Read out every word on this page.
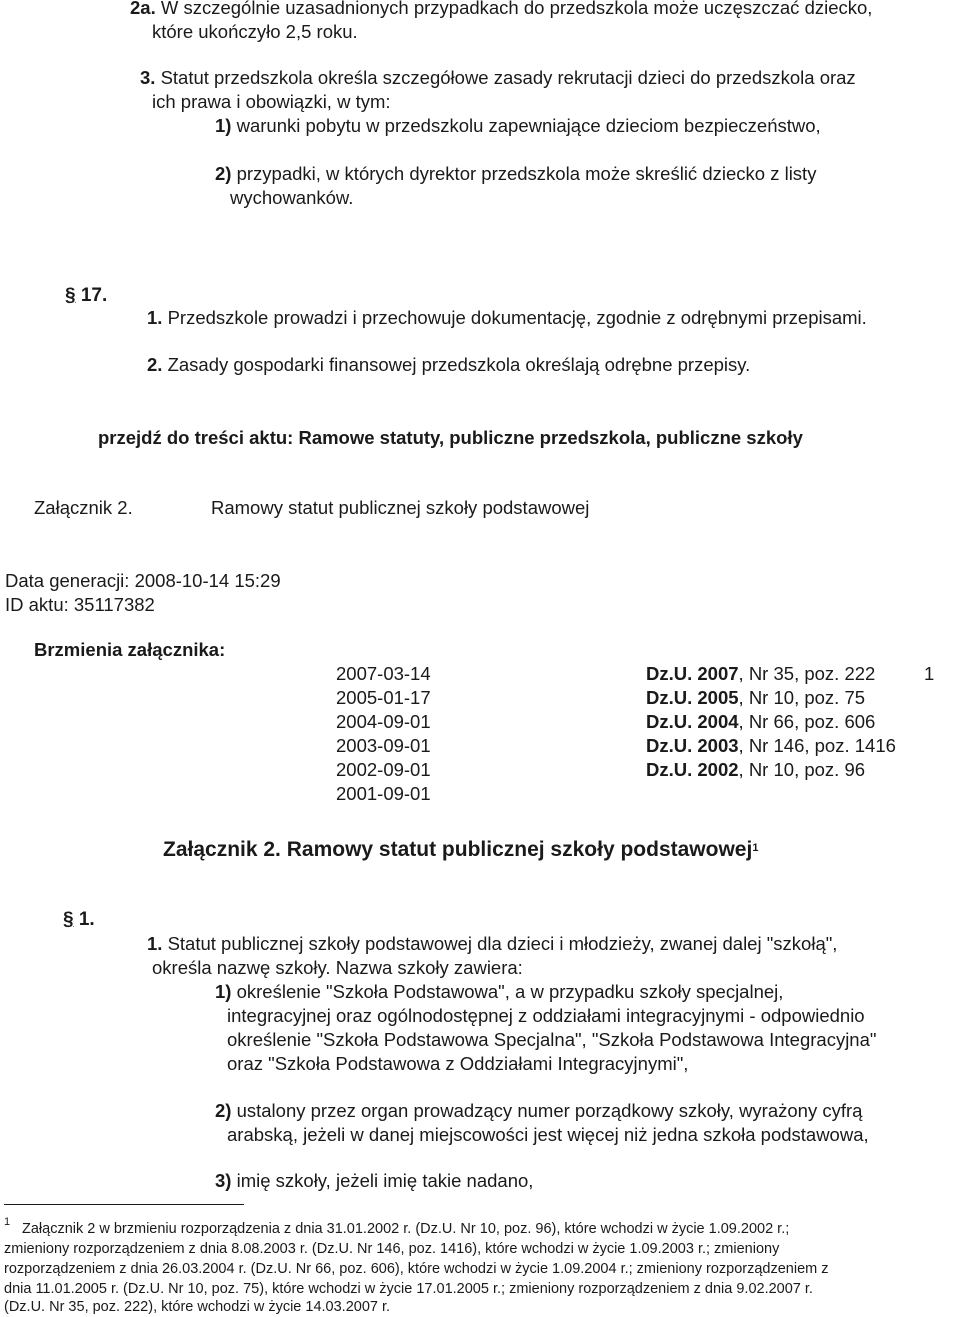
2a. W szczególnie uzasadnionych przypadkach do przedszkola może uczęszczać dziecko,
które ukończyło 2,5 roku.
3. Statut przedszkola określa szczegółowe zasady rekrutacji dzieci do przedszkola oraz
ich prawa i obowiązki, w tym:
1) warunki pobytu w przedszkolu zapewniające dzieciom bezpieczeństwo,
2) przypadki, w których dyrektor przedszkola może skreślić dziecko z listy
wychowanków.
§ 17.
1. Przedszkole prowadzi i przechowuje dokumentację, zgodnie z odrębnymi przepisami.
2. Zasady gospodarki finansowej przedszkola określają odrębne przepisy.
przejdź do treści aktu: Ramowe statuty, publiczne przedszkola, publiczne szkoły
Załącznik 2.	Ramowy statut publicznej szkoły podstawowej
Data generacji: 2008-10-14 15:29
ID aktu: 35117382
Brzmienia załącznika:
2007-03-14	Dz.U. 2007, Nr 35, poz. 222	1
2005-01-17	Dz.U. 2005, Nr 10, poz. 75
2004-09-01	Dz.U. 2004, Nr 66, poz. 606
2003-09-01	Dz.U. 2003, Nr 146, poz. 1416
2002-09-01	Dz.U. 2002, Nr 10, poz. 96
2001-09-01
Załącznik 2. Ramowy statut publicznej szkoły podstawowej$^1$
§ 1.
1. Statut publicznej szkoły podstawowej dla dzieci i młodzieży, zwanej dalej "szkołą",
określa nazwę szkoły. Nazwa szkoły zawiera:
1) określenie "Szkoła Podstawowa", a w przypadku szkoły specjalnej,
integracyjnej oraz ogólnodostępnej z oddziałami integracyjnymi - odpowiednio
określenie "Szkoła Podstawowa Specjalna", "Szkoła Podstawowa Integracyjna"
oraz "Szkoła Podstawowa z Oddziałami Integracyjnymi",
2) ustalony przez organ prowadzący numer porządkowy szkoły, wyrażony cyfrą
arabską, jeżeli w danej miejscowości jest więcej niż jedna szkoła podstawowa,
3) imię szkoły, jeżeli imię takie nadano,
$^1$ Załącznik 2 w brzmieniu rozporządzenia z dnia 31.01.2002 r. (Dz.U. Nr 10, poz. 96), które wchodzi w życie 1.09.2002 r.;
zmieniony rozporządzeniem z dnia 8.08.2003 r. (Dz.U. Nr 146, poz. 1416), które wchodzi w życie 1.09.2003 r.; zmieniony
rozporządzeniem z dnia 26.03.2004 r. (Dz.U. Nr 66, poz. 606), które wchodzi w życie 1.09.2004 r.; zmieniony rozporządzeniem z
dnia 11.01.2005 r. (Dz.U. Nr 10, poz. 75), które wchodzi w życie 17.01.2005 r.; zmieniony rozporządzeniem z dnia 9.02.2007 r.
(Dz.U. Nr 35, poz. 222), które wchodzi w życie 14.03.2007 r.
